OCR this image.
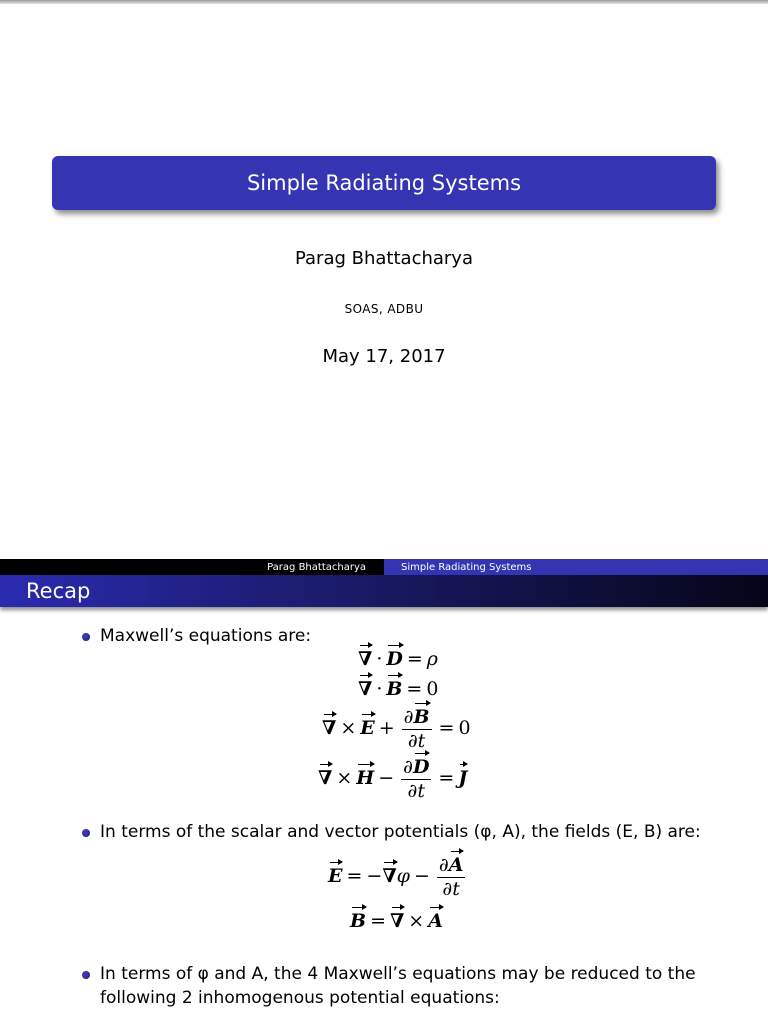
Simple Radiating Systems
Parag Bhattacharya
SOAS, ADBU
May 17, 2017
Parag Bhattacharya	Simple Radiating Systems
Recap
Maxwell’s equations are:
∇ · D = ρ
∇ · B = 0
∇ × $E + \frac{\partial B}{\partial t} = 0$
∇ × $H - \frac{\partial D}{\partial t} = J$
In terms of the scalar and vector potentials (φ, A), the fields (E, B) are:
$E = -\nabla\varphi - \frac{\partial A}{\partial t}$
B = ∇ × A
In terms of φ and A, the 4 Maxwell’s equations may be reduced to the following 2 inhomogenous potential equations:
